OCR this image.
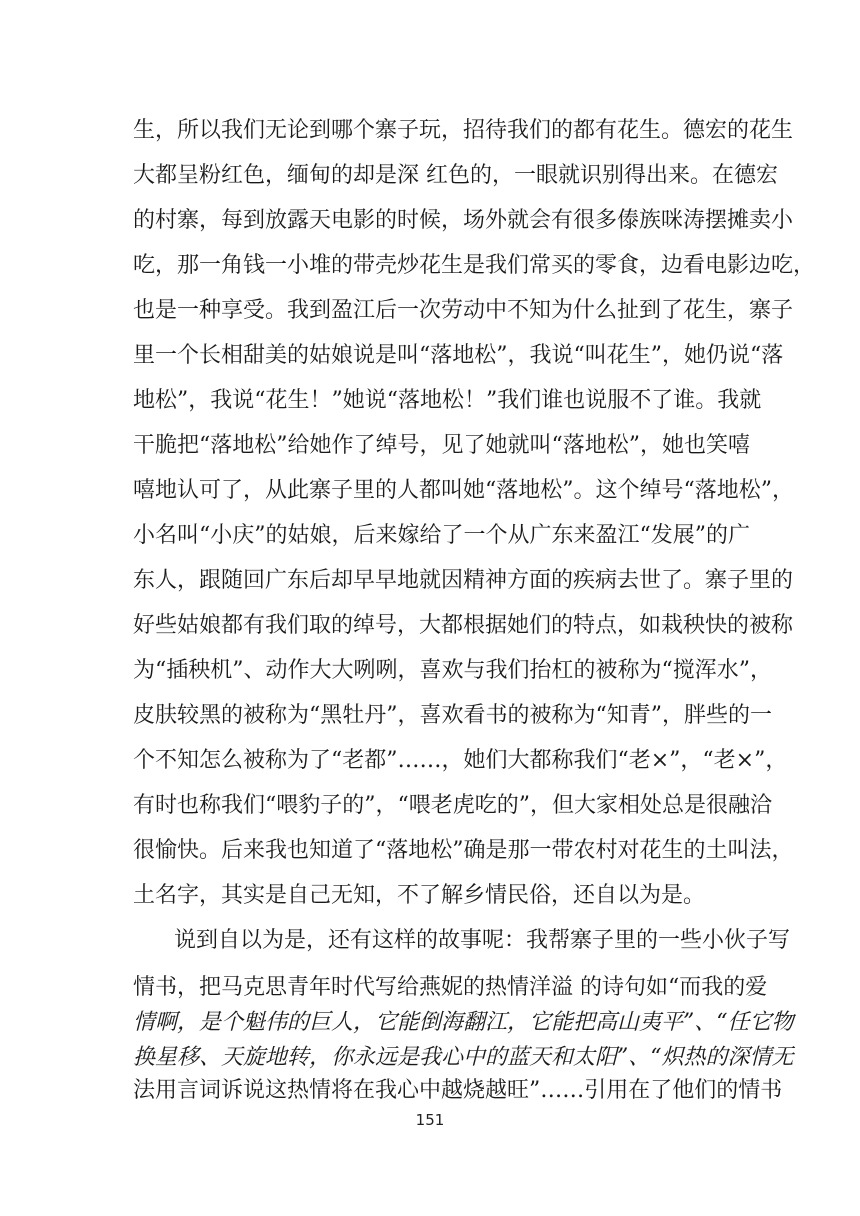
生，所以我们无论到哪个寨子玩，招待我们的都有花生。德宏的花生
大都呈粉红色，缅甸的却是深 红色的，一眼就识别得出来。在德宏
的村寨，每到放露天电影的时候，场外就会有很多傣族咪涛摆摊卖小
吃，那一角钱一小堆的带壳炒花生是我们常买的零食，边看电影边吃，
也是一种享受。我到盈江后一次劳动中不知为什么扯到了花生，寨子
里一个长相甜美的姑娘说是叫“落地松”，我说“叫花生”，她仍说“落
地松”，我说“花生！”她说“落地松！”我们谁也说服不了谁。我就
干脆把“落地松”给她作了绰号，见了她就叫“落地松”，她也笑嘻
嘻地认可了，从此寨子里的人都叫她“落地松”。这个绰号“落地松”，
小名叫“小庆”的姑娘，后来嫁给了一个从广东来盈江“发展”的广
东人，跟随回广东后却早早地就因精神方面的疾病去世了。寨子里的
好些姑娘都有我们取的绰号，大都根据她们的特点，如栽秧快的被称
为“插秧机”、动作大大咧咧，喜欢与我们抬杠的被称为“搅浑水”，
皮肤较黑的被称为“黑牡丹”，喜欢看书的被称为“知青”，胖些的一
个不知怎么被称为了“老都”……，她们大都称我们“老×”，“老×”，
有时也称我们“喂豹子的”，“喂老虎吃的”，但大家相处总是很融洽
很愉快。后来我也知道了“落地松”确是那一带农村对花生的土叫法，
土名字，其实是自己无知，不了解乡情民俗，还自以为是。
说到自以为是，还有这样的故事呢：我帮寨子里的一些小伙子写
情书，把马克思青年时代写给燕妮的热情洋溢 的诗句如“而我的爱
情啊，是个魁伟的巨人，它能倒海翻江，它能把高山夷平”、“任它物
换星移、天旋地转，你永远是我心中的蓝天和太阳”、“炽热的深情无
法用言词诉说这热情将在我心中越烧越旺”……引用在了他们的情书
151
